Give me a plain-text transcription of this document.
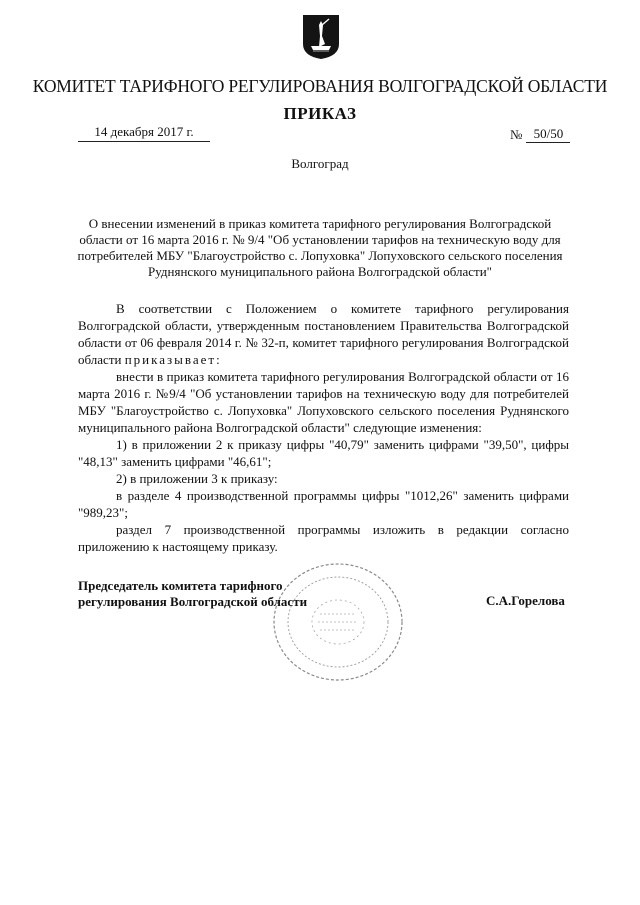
КОМИТЕТ ТАРИФНОГО РЕГУЛИРОВАНИЯ ВОЛГОГРАДСКОЙ ОБЛАСТИ
ПРИКАЗ
14 декабря 2017 г.	№ 50/50
Волгоград
О внесении изменений в приказ комитета тарифного регулирования Волгоградской области от 16 марта 2016 г. № 9/4 "Об установлении тарифов на техническую воду для потребителей МБУ "Благоустройство с. Лопуховка" Лопуховского сельского поселения Руднянского муниципального района Волгоградской области"

В соответствии с Положением о комитете тарифного регулирования Волгоградской области, утвержденным постановлением Правительства Волгоградской области от 06 февраля 2014 г. № 32-п, комитет тарифного регулирования Волгоградской области приказывает:

внести в приказ комитета тарифного регулирования Волгоградской области от 16 марта 2016 г. №9/4 "Об установлении тарифов на техническую воду для потребителей МБУ "Благоустройство с. Лопуховка" Лопуховского сельского поселения Руднянского муниципального района Волгоградской области" следующие изменения:

1) в приложении 2 к приказу цифры "40,79" заменить цифрами "39,50", цифры "48,13" заменить цифрами "46,61";

2) в приложении 3 к приказу:

в разделе 4 производственной программы цифры "1012,26" заменить цифрами "989,23";

раздел 7 производственной программы изложить в редакции согласно приложению к настоящему приказу.

Председатель комитета тарифного
регулирования Волгоградской области	С.А.Горелова
